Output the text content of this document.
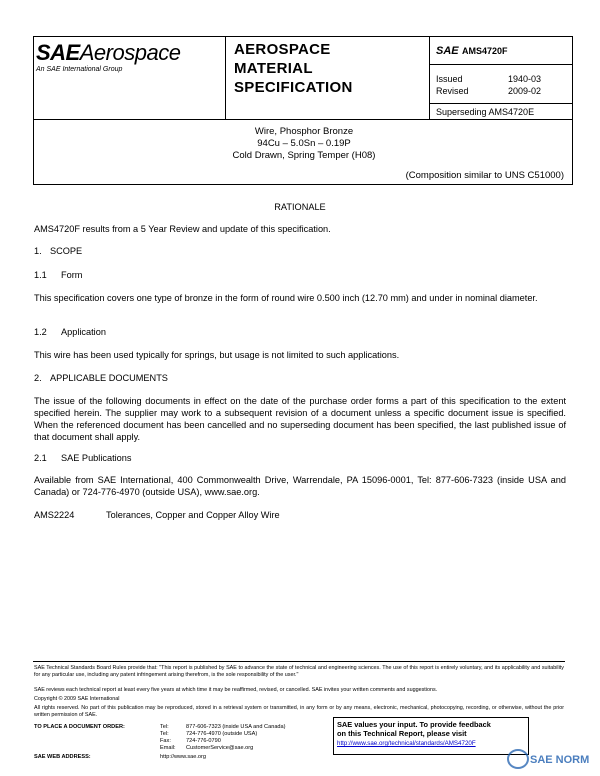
SAEAerospace
An SAE International Group
AEROSPACE
MATERIAL
SPECIFICATION
SAE AMS4720F
Issued	1940-03
Revised	2009-02
Superseding AMS4720E
Wire, Phosphor Bronze
94Cu – 5.0Sn – 0.19P
Cold Drawn, Spring Temper (H08)
(Composition similar to UNS C51000)
RATIONALE
AMS4720F results from a 5 Year Review and update of this specification.
1. SCOPE
1.1 Form
This specification covers one type of bronze in the form of round wire 0.500 inch (12.70 mm) and under in nominal diameter.
1.2 Application
This wire has been used typically for springs, but usage is not limited to such applications.
2. APPLICABLE DOCUMENTS
The issue of the following documents in effect on the date of the purchase order forms a part of this specification to the extent specified herein. The supplier may work to a subsequent revision of a document unless a specific document issue is specified. When the referenced document has been cancelled and no superseding document has been specified, the last published issue of that document shall apply.
2.1 SAE Publications
Available from SAE International, 400 Commonwealth Drive, Warrendale, PA 15096-0001, Tel: 877-606-7323 (inside USA and Canada) or 724-776-4970 (outside USA), www.sae.org.
AMS2224	Tolerances, Copper and Copper Alloy Wire
SAE Technical Standards Board Rules provide that: "This report is published by SAE to advance the state of technical and engineering sciences. The use of this report is entirely voluntary, and its applicability and suitability for any particular use, including any patent infringement arising therefrom, is the sole responsibility of the user."
SAE reviews each technical report at least every five years at which time it may be reaffirmed, revised, or cancelled. SAE invites your written comments and suggestions.
Copyright © 2009 SAE International
All rights reserved. No part of this publication may be reproduced, stored in a retrieval system or transmitted, in any form or by any means, electronic, mechanical, photocopying, recording, or otherwise, without the prior written permission of SAE.
TO PLACE A DOCUMENT ORDER:	Tel:	877-606-7323 (inside USA and Canada)
Tel:	724-776-4970 (outside USA)
Fax:	724-776-0790
Email: CustomerService@sae.org
SAE WEB ADDRESS:	http://www.sae.org
SAE values your input. To provide feedback
on this Technical Report, please visit
http://www.sae.org/technical/standards/AMS4720F
SAE NORM
